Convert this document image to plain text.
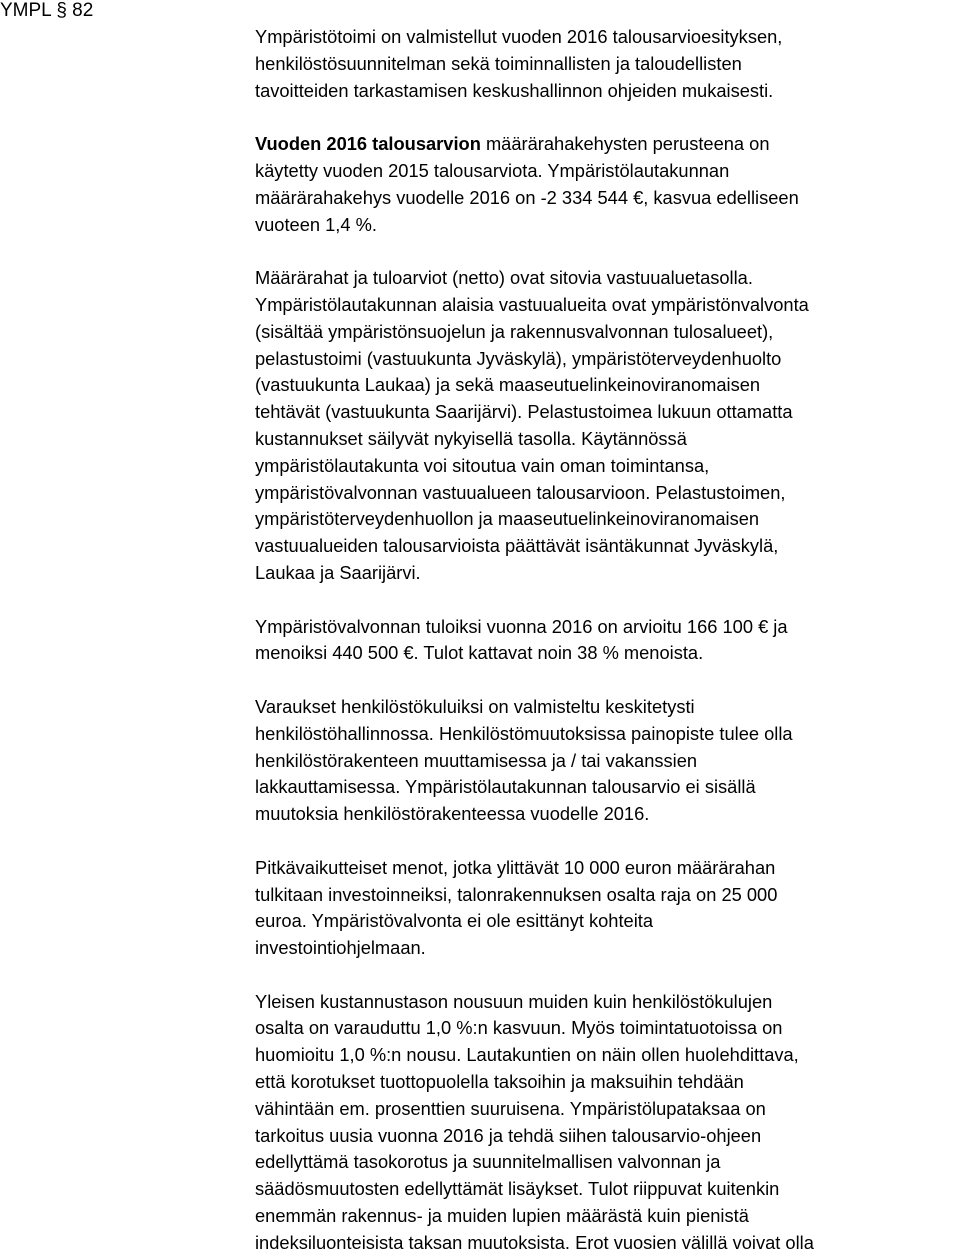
YMPL § 82

Ympäristötoimi on valmistellut vuoden 2016 talousarvioesityksen,
henkilöstösuunnitelman sekä toiminnallisten ja taloudellisten
tavoitteiden tarkastamisen keskushallinnon ohjeiden mukaisesti.

Vuoden 2016 talousarvion määrärahakehysten perusteena on
käytetty vuoden 2015 talousarviota. Ympäristölautakunnan
määrärahakehys vuodelle 2016 on -2 334 544 €, kasvua edelliseen
vuoteen 1,4 %.

Määrärahat ja tuloarviot (netto) ovat sitovia vastuualuetasolla.
Ympäristölautakunnan alaisia vastuualueita ovat ympäristönvalvonta
(sisältää ympäristönsuojelun ja rakennusvalvonnan tulosalueet),
pelastustoimi (vastuukunta Jyväskylä), ympäristöterveydenhuolto
(vastuukunta Laukaa) ja sekä maaseutuelinkeinoviranomaisen
tehtävät (vastuukunta Saarijärvi). Pelastustoimea lukuun ottamatta
kustannukset säilyvät nykyisellä tasolla. Käytännössä
ympäristölautakunta voi sitoutua vain oman toimintansa,
ympäristövalvonnan vastuualueen talousarvioon. Pelastustoimen,
ympäristöterveydenhuollon ja maaseutuelinkeinoviranomaisen
vastuualueiden talousarvioista päättävät isäntäkunnat Jyväskylä,
Laukaa ja Saarijärvi.

Ympäristövalvonnan tuloiksi vuonna 2016 on arvioitu 166 100 € ja
menoiksi 440 500 €. Tulot kattavat noin 38 % menoista.

Varaukset henkilöstökuluiksi on valmisteltu keskitetysti
henkilöstöhallinnossa. Henkilöstömuutoksissa painopiste tulee olla
henkilöstörakenteen muuttamisessa ja / tai vakanssien
lakkauttamisessa. Ympäristölautakunnan talousarvio ei sisällä
muutoksia henkilöstörakenteessa vuodelle 2016.

Pitkävaikutteiset menot, jotka ylittävät 10 000 euron määrärahan
tulkitaan investoinneiksi, talonrakennuksen osalta raja on 25 000
euroa. Ympäristövalvonta ei ole esittänyt kohteita
investointiohjelmaan.

Yleisen kustannustason nousuun muiden kuin henkilöstökulujen
osalta on varauduttu 1,0 %:n kasvuun. Myös toimintatuotoissa on
huomioitu 1,0 %:n nousu. Lautakuntien on näin ollen huolehdittava,
että korotukset tuottopuolella taksoihin ja maksuihin tehdään
vähintään em. prosenttien suuruisena. Ympäristölupataksaa on
tarkoitus uusia vuonna 2016 ja tehdä siihen talousarvio-ohjeen
edellyttämä tasokorotus ja suunnitelmallisen valvonnan ja
säädösmuutosten edellyttämät lisäykset. Tulot riippuvat kuitenkin
enemmän rakennus- ja muiden lupien määrästä kuin pienistä
indeksiluonteisista taksan muutoksista. Erot vuosien välillä voivat olla
